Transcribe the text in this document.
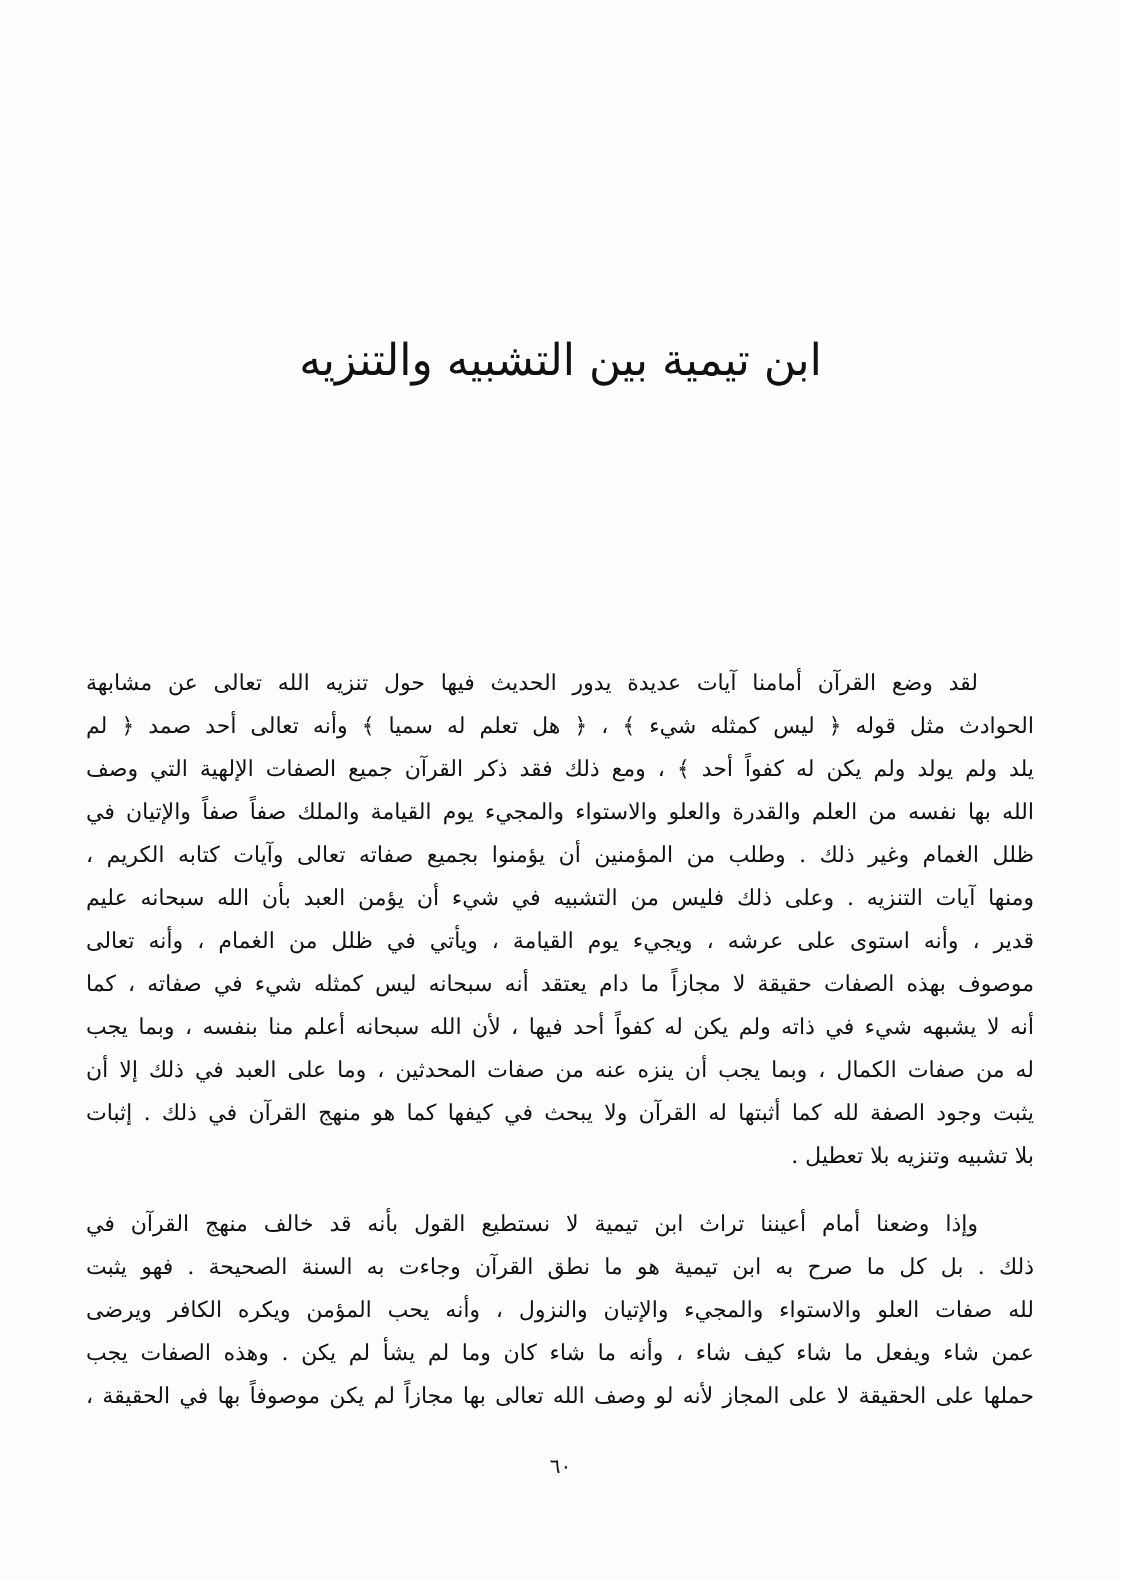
ابن تيمية بين التشبيه والتنزيه

لقد وضع القرآن أمامنا آيات عديدة يدور الحديث فيها حول تنزيه الله تعالى عن مشابهة
الحوادث مثل قوله ﴿ ليس كمثله شيء ﴾ ، ﴿ هل تعلم له سميا ﴾ وأنه تعالى أحد صمد ﴿ لم
يلد ولم يولد ولم يكن له كفواً أحد ﴾ ، ومع ذلك فقد ذكر القرآن جميع الصفات الإلهية التي وصف
الله بها نفسه من العلم والقدرة والعلو والاستواء والمجيء يوم القيامة والملك صفاً صفاً والإتيان في
ظلل الغمام وغير ذلك . وطلب من المؤمنين أن يؤمنوا بجميع صفاته تعالى وآيات كتابه الكريم ،
ومنها آيات التنزيه . وعلى ذلك فليس من التشبيه في شيء أن يؤمن العبد بأن الله سبحانه عليم
قدير ، وأنه استوى على عرشه ، ويجيء يوم القيامة ، ويأتي في ظلل من الغمام ، وأنه تعالى
موصوف بهذه الصفات حقيقة لا مجازاً ما دام يعتقد أنه سبحانه ليس كمثله شيء في صفاته ، كما
أنه لا يشبهه شيء في ذاته ولم يكن له كفواً أحد فيها ، لأن الله سبحانه أعلم منا بنفسه ، وبما يجب
له من صفات الكمال ، وبما يجب أن ينزه عنه من صفات المحدثين ، وما على العبد في ذلك إلا أن
يثبت وجود الصفة لله كما أثبتها له القرآن ولا يبحث في كيفها كما هو منهج القرآن في ذلك . إثبات
بلا تشبيه وتنزيه بلا تعطيل .

وإذا وضعنا أمام أعيننا تراث ابن تيمية لا نستطيع القول بأنه قد خالف منهج القرآن في
ذلك . بل كل ما صرح به ابن تيمية هو ما نطق القرآن وجاءت به السنة الصحيحة . فهو يثبت
لله صفات العلو والاستواء والمجيء والإتيان والنزول ، وأنه يحب المؤمن ويكره الكافر ويرضى
عمن شاء ويفعل ما شاء كيف شاء ، وأنه ما شاء كان وما لم يشأ لم يكن . وهذه الصفات يجب
حملها على الحقيقة لا على المجاز لأنه لو وصف الله تعالى بها مجازاً لم يكن موصوفاً بها في الحقيقة ،

٦٠
